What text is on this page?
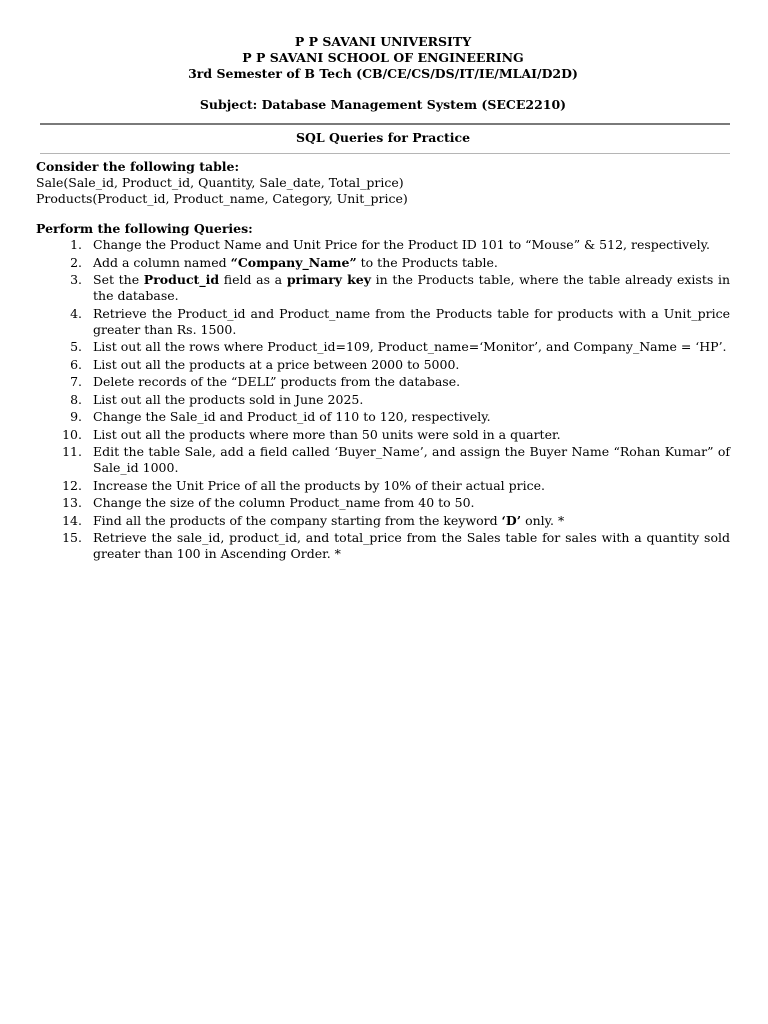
P P SAVANI UNIVERSITY
P P SAVANI SCHOOL OF ENGINEERING
3rd Semester of B Tech (CB/CE/CS/DS/IT/IE/MLAI/D2D)
Subject: Database Management System (SECE2210)
SQL Queries for Practice
Consider the following table:
Sale(Sale_id, Product_id, Quantity, Sale_date, Total_price)
Products(Product_id, Product_name, Category, Unit_price)
Perform the following Queries:
1. Change the Product Name and Unit Price for the Product ID 101 to “Mouse” & 512, respectively.
2. Add a column named “Company_Name” to the Products table.
3. Set the Product_id field as a primary key in the Products table, where the table already exists in the database.
4. Retrieve the Product_id and Product_name from the Products table for products with a Unit_price greater than Rs. 1500.
5. List out all the rows where Product_id=109, Product_name=‘Monitor’, and Company_Name = ‘HP’.
6. List out all the products at a price between 2000 to 5000.
7. Delete records of the “DELL” products from the database.
8. List out all the products sold in June 2025.
9. Change the Sale_id and Product_id of 110 to 120, respectively.
10. List out all the products where more than 50 units were sold in a quarter.
11. Edit the table Sale, add a field called ‘Buyer_Name’, and assign the Buyer Name “Rohan Kumar” of Sale_id 1000.
12. Increase the Unit Price of all the products by 10% of their actual price.
13. Change the size of the column Product_name from 40 to 50.
14. Find all the products of the company starting from the keyword ‘D’ only. *
15. Retrieve the sale_id, product_id, and total_price from the Sales table for sales with a quantity sold greater than 100 in Ascending Order. *
